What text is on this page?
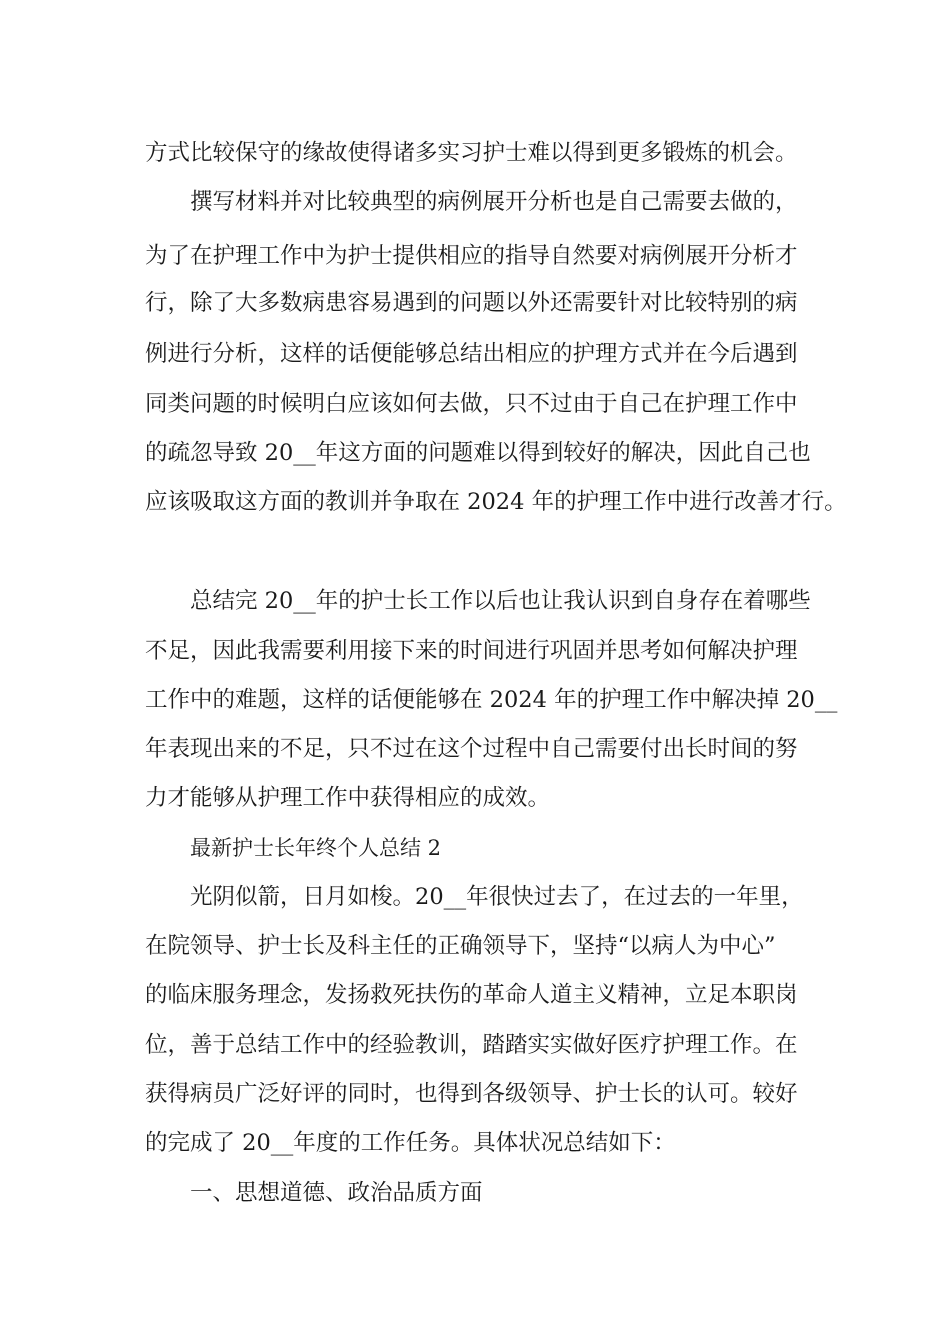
方式比较保守的缘故使得诸多实习护士难以得到更多锻炼的机会。
撰写材料并对比较典型的病例展开分析也是自己需要去做的，
为了在护理工作中为护士提供相应的指导自然要对病例展开分析才
行，除了大多数病患容易遇到的问题以外还需要针对比较特别的病
例进行分析，这样的话便能够总结出相应的护理方式并在今后遇到
同类问题的时候明白应该如何去做，只不过由于自己在护理工作中
的疏忽导致 20__年这方面的问题难以得到较好的解决，因此自己也
应该吸取这方面的教训并争取在 2024 年的护理工作中进行改善才行。
总结完 20__年的护士长工作以后也让我认识到自身存在着哪些
不足，因此我需要利用接下来的时间进行巩固并思考如何解决护理
工作中的难题，这样的话便能够在 2024 年的护理工作中解决掉 20__
年表现出来的不足，只不过在这个过程中自己需要付出长时间的努
力才能够从护理工作中获得相应的成效。
最新护士长年终个人总结 2
光阴似箭，日月如梭。20__年很快过去了，在过去的一年里，
在院领导、护士长及科主任的正确领导下，坚持“以病人为中心”
的临床服务理念，发扬救死扶伤的革命人道主义精神，立足本职岗
位，善于总结工作中的经验教训，踏踏实实做好医疗护理工作。在
获得病员广泛好评的同时，也得到各级领导、护士长的认可。较好
的完成了 20__年度的工作任务。具体状况总结如下：
一、思想道德、政治品质方面
